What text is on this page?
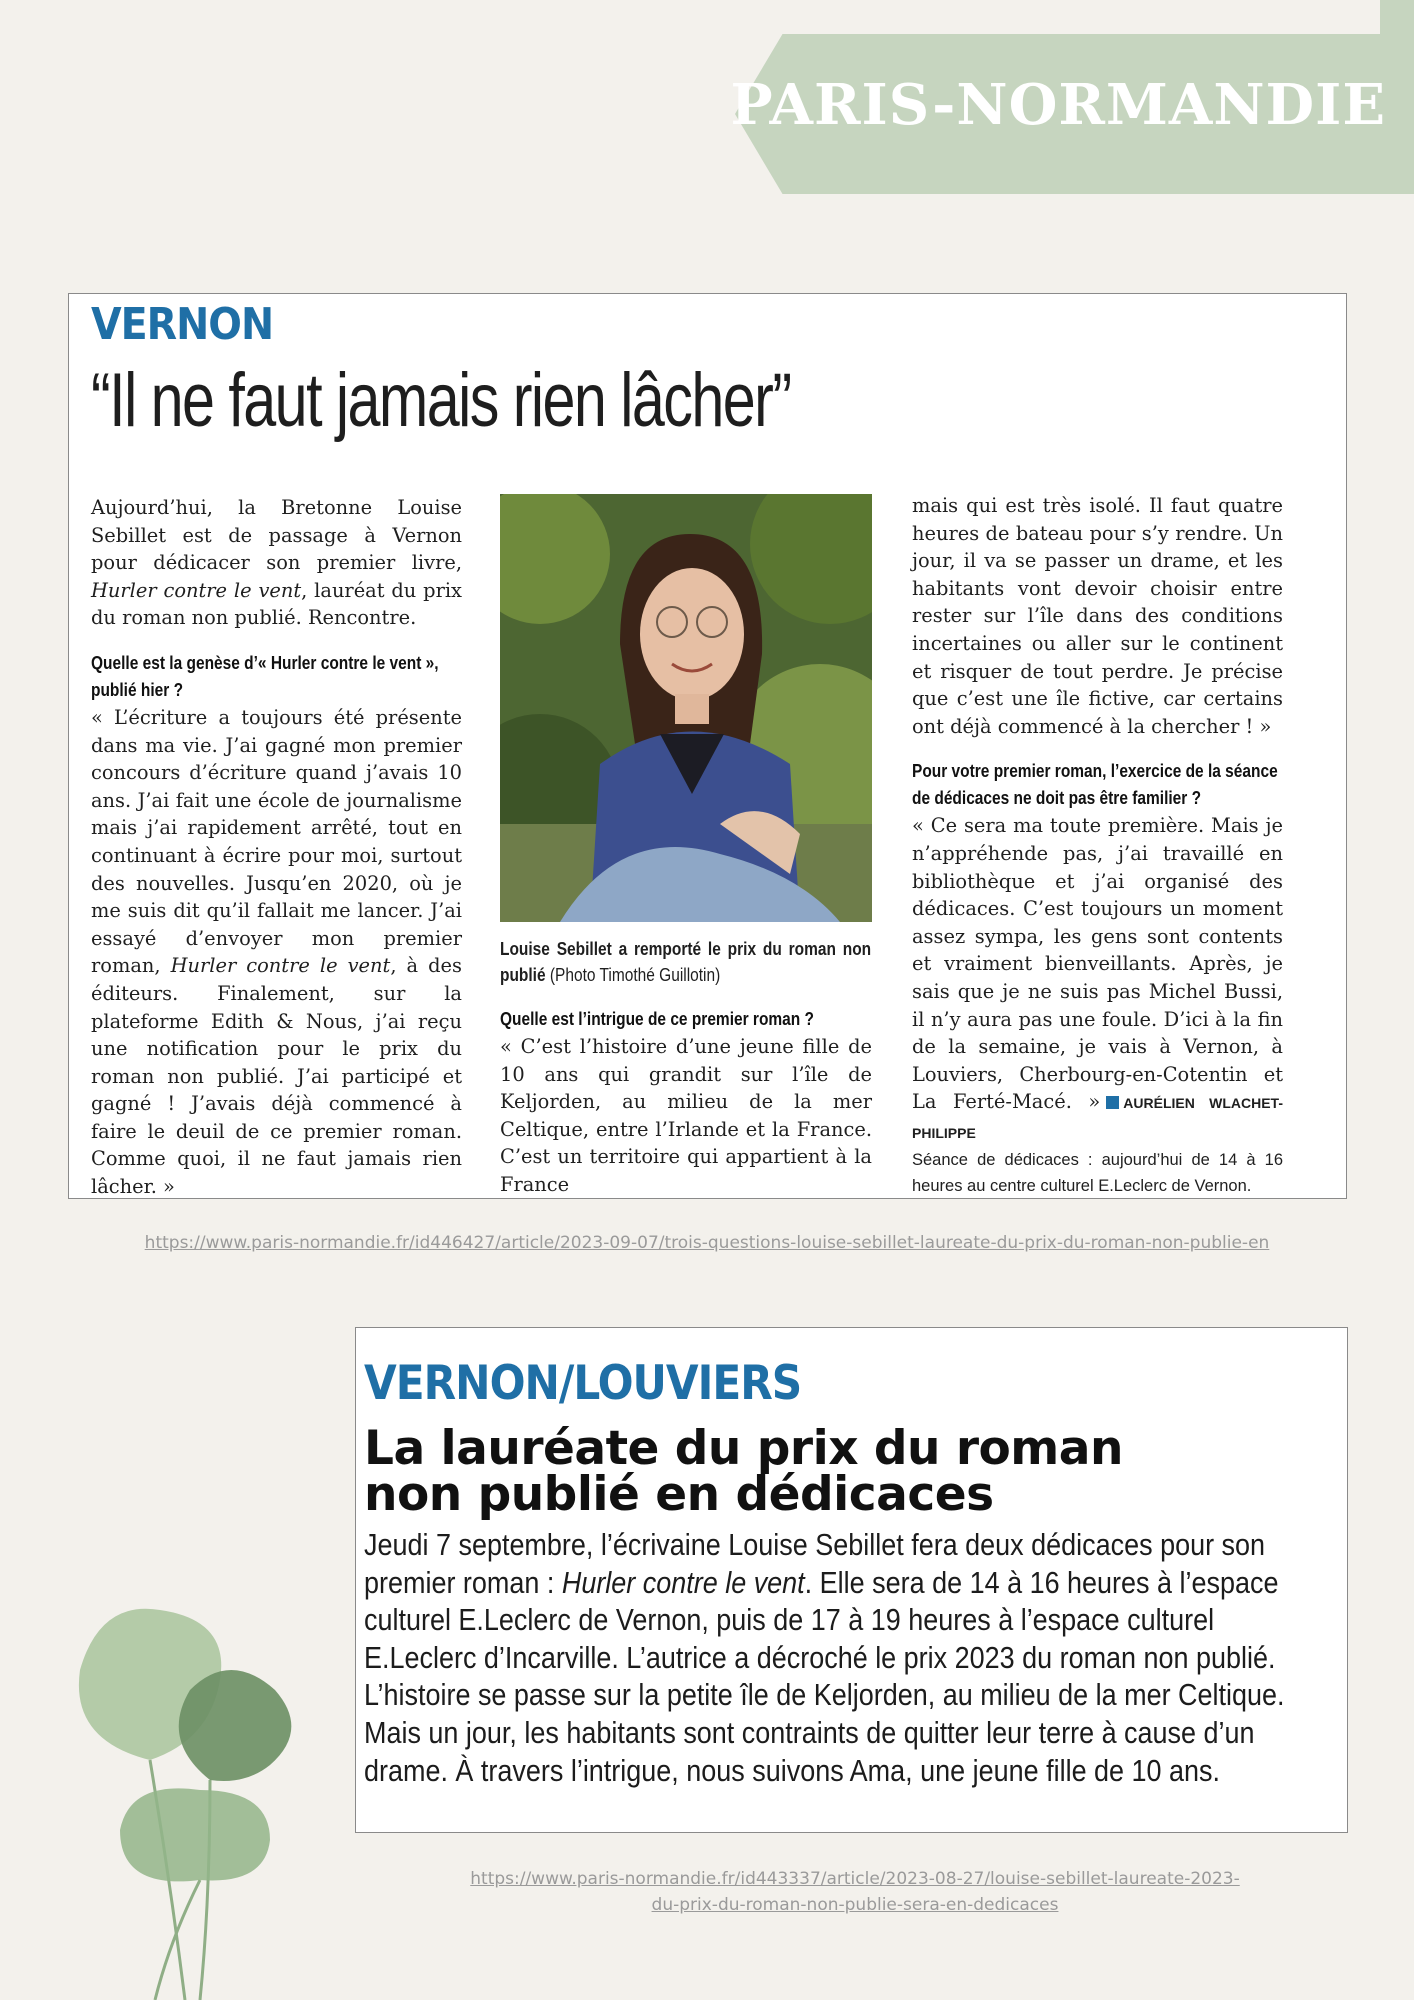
PARIS-NORMANDIE
VERNON
“Il ne faut jamais rien lâcher”

Aujourd’hui, la Bretonne Louise Sebillet est de passage à Vernon pour dédicacer son premier livre, Hurler contre le vent, lauréat du prix du roman non publié. Rencontre.

Quelle est la genèse d’« Hurler contre le vent », publié hier ?

« L’écriture a toujours été présente dans ma vie. J’ai gagné mon premier concours d’écriture quand j’avais 10 ans. J’ai fait une école de journalisme mais j’ai rapidement arrêté, tout en continuant à écrire pour moi, surtout des nouvelles. Jusqu’en 2020, où je me suis dit qu’il fallait me lancer. J’ai essayé d’envoyer mon premier roman, Hurler contre le vent, à des éditeurs. Finalement, sur la plateforme Edith & Nous, j’ai reçu une notification pour le prix du roman non publié. J’ai participé et gagné ! J’avais déjà commencé à faire le deuil de ce premier roman. Comme quoi, il ne faut jamais rien lâcher. »

Louise Sebillet a remporté le prix du roman non publié (Photo Timothé Guillotin)
Quelle est l’intrigue de ce premier roman ?

« C’est l’histoire d’une jeune fille de 10 ans qui grandit sur l’île de Keljorden, au milieu de la mer Celtique, entre l’Irlande et la France. C’est un territoire qui appartient à la France

mais qui est très isolé. Il faut quatre heures de bateau pour s’y rendre. Un jour, il va se passer un drame, et les habitants vont devoir choisir entre rester sur l’île dans des conditions incertaines ou aller sur le continent et risquer de tout perdre. Je précise que c’est une île fictive, car certains ont déjà commencé à la chercher ! »

Pour votre premier roman, l’exercice de la séance de dédicaces ne doit pas être familier ?

« Ce sera ma toute première. Mais je n’appréhende pas, j’ai travaillé en bibliothèque et j’ai organisé des dédicaces. C’est toujours un moment assez sympa, les gens sont contents et vraiment bienveillants. Après, je sais que je ne suis pas Michel Bussi, il n’y aura pas une foule. D’ici à la fin de la semaine, je vais à Vernon, à Louviers, Cherbourg-en-Cotentin et La Ferté-Macé. » AURÉLIEN WLACHET-PHILIPPE

Séance de dédicaces : aujourd’hui de 14 à 16 heures au centre culturel E.Leclerc de Vernon.

https://www.paris-normandie.fr/id446427/article/2023-09-07/trois-questions-louise-sebillet-laureate-du-prix-du-roman-non-publie-en
VERNON/LOUVIERS
La lauréate du prix du roman non publié en dédicaces
Jeudi 7 septembre, l’écrivaine Louise Sebillet fera deux dédicaces pour son premier roman : Hurler contre le vent. Elle sera de 14 à 16 heures à l’espace culturel E.Leclerc de Vernon, puis de 17 à 19 heures à l’espace culturel E.Leclerc d’Incarville. L’autrice a décroché le prix 2023 du roman non publié. L’histoire se passe sur la petite île de Keljorden, au milieu de la mer Celtique. Mais un jour, les habitants sont contraints de quitter leur terre à cause d’un drame. À travers l’intrigue, nous suivons Ama, une jeune fille de 10 ans.
https://www.paris-normandie.fr/id443337/article/2023-08-27/louise-sebillet-laureate-2023-
du-prix-du-roman-non-publie-sera-en-dedicaces
